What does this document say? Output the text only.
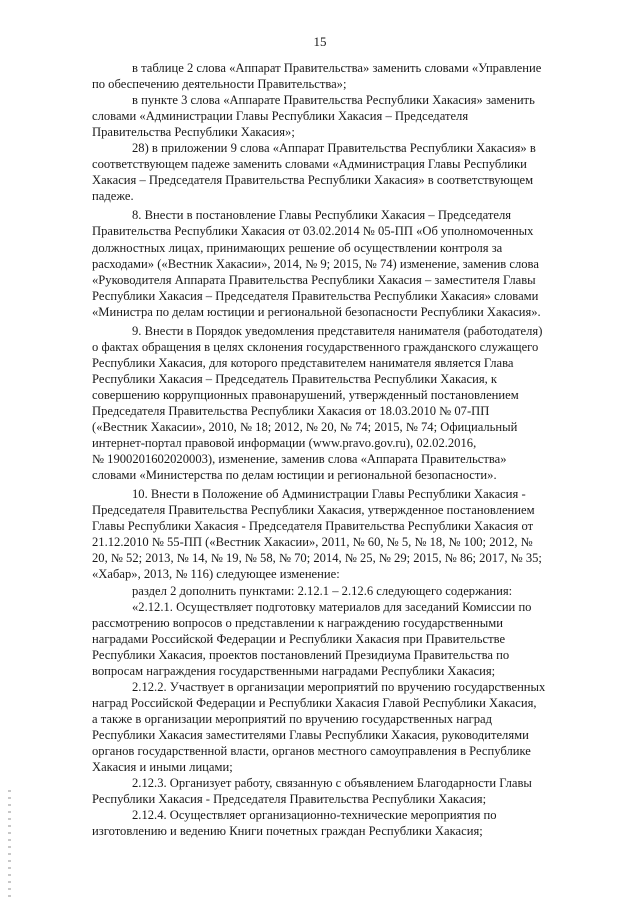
15

в таблице 2 слова «Аппарат Правительства» заменить словами «Управление
по обеспечению деятельности Правительства»;

в пункте 3 слова «Аппарате Правительства Республики Хакасия» заменить
словами «Администрации Главы Республики Хакасия – Председателя
Правительства Республики Хакасия»;

28) в приложении 9 слова «Аппарат Правительства Республики Хакасия» в
соответствующем падеже заменить словами «Администрация Главы Республики
Хакасия – Председателя Правительства Республики Хакасия» в соответствующем
падеже.

8. Внести в постановление Главы Республики Хакасия – Председателя
Правительства Республики Хакасия от 03.02.2014 № 05-ПП «Об уполномоченных
должностных лицах, принимающих решение об осуществлении контроля за
расходами» («Вестник Хакасии», 2014, № 9; 2015, № 74) изменение, заменив слова
«Руководителя Аппарата Правительства Республики Хакасия – заместителя Главы
Республики Хакасия – Председателя Правительства Республики Хакасия» словами
«Министра по делам юстиции и региональной безопасности Республики Хакасия».

9. Внести в Порядок уведомления представителя нанимателя (работодателя)
о фактах обращения в целях склонения государственного гражданского служащего
Республики Хакасия, для которого представителем нанимателя является Глава
Республики Хакасия – Председатель Правительства Республики Хакасия, к
совершению коррупционных правонарушений, утвержденный постановлением
Председателя Правительства Республики Хакасия от 18.03.2010 № 07-ПП
(«Вестник Хакасии», 2010, № 18; 2012, № 20, № 74; 2015, № 74; Официальный
интернет-портал правовой информации (www.pravo.gov.ru), 02.02.2016,
№ 1900201602020003), изменение, заменив слова «Аппарата Правительства»
словами «Министерства по делам юстиции и региональной безопасности».

10. Внести в Положение об Администрации Главы Республики Хакасия -
Председателя Правительства Республики Хакасия, утвержденное постановлением
Главы Республики Хакасия - Председателя Правительства Республики Хакасия от
21.12.2010 № 55-ПП («Вестник Хакасии», 2011, № 60, № 5, № 18, № 100; 2012, №
20, № 52; 2013, № 14, № 19, № 58, № 70; 2014, № 25, № 29; 2015, № 86; 2017, № 35;
«Хабар», 2013, № 116) следующее изменение:

раздел 2 дополнить пунктами: 2.12.1 – 2.12.6 следующего содержания:

«2.12.1. Осуществляет подготовку материалов для заседаний Комиссии по
рассмотрению вопросов о представлении к награждению государственными
наградами Российской Федерации и Республики Хакасия при Правительстве
Республики Хакасия, проектов постановлений Президиума Правительства по
вопросам награждения государственными наградами Республики Хакасия;

2.12.2. Участвует в организации мероприятий по вручению государственных
наград Российской Федерации и Республики Хакасия Главой Республики Хакасия,
а также в организации мероприятий по вручению государственных наград
Республики Хакасия заместителями Главы Республики Хакасия, руководителями
органов государственной власти, органов местного самоуправления в Республике
Хакасия и иными лицами;

2.12.3. Организует работу, связанную с объявлением Благодарности Главы
Республики Хакасия - Председателя Правительства Республики Хакасия;

2.12.4. Осуществляет организационно-технические мероприятия по
изготовлению и ведению Книги почетных граждан Республики Хакасия;
